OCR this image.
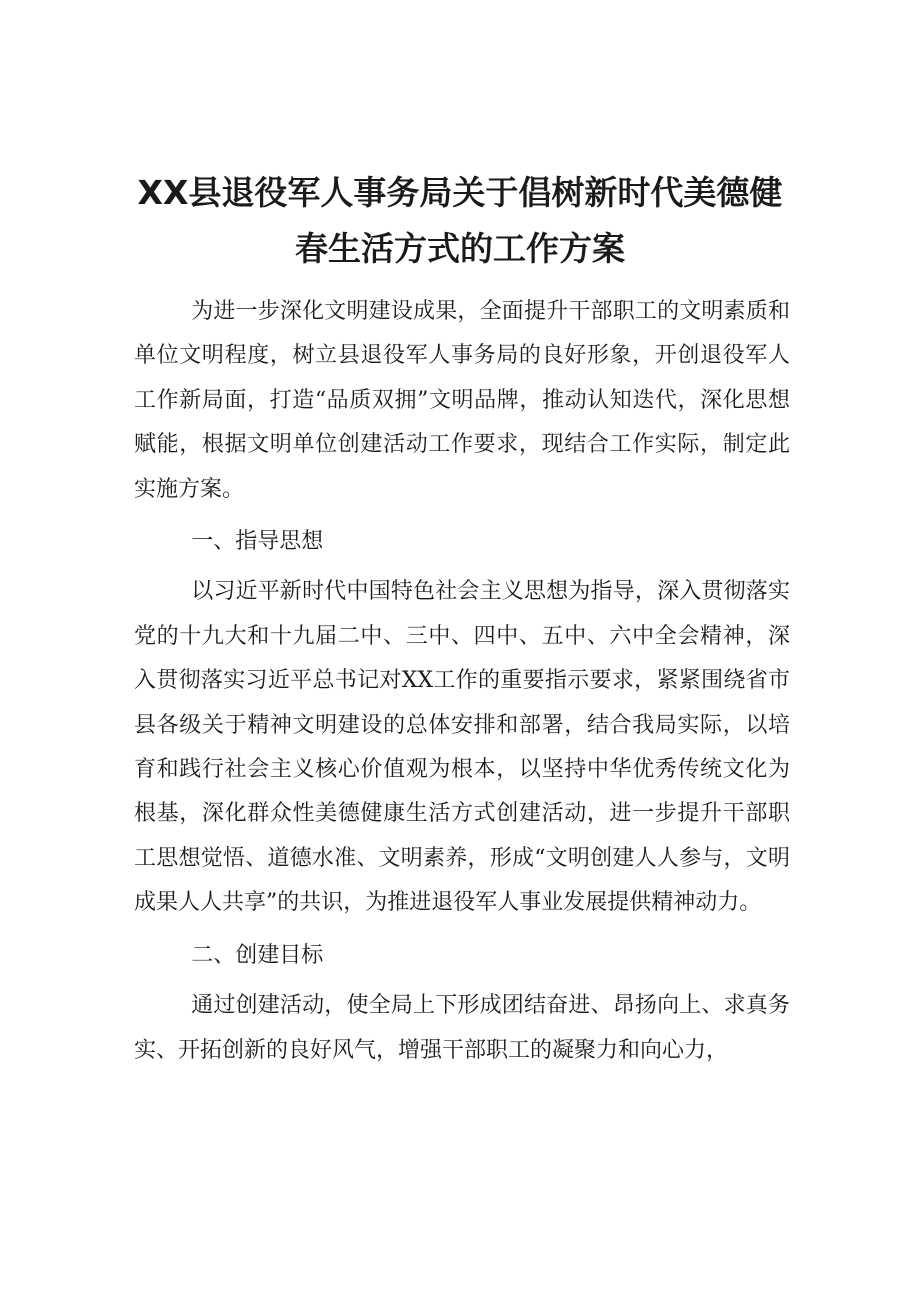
XX县退役军人事务局关于倡树新时代美德健
春生活方式的工作方案

为进一步深化文明建设成果，全面提升干部职工的文明素质和单位文明程度，树立县退役军人事务局的良好形象，开创退役军人工作新局面，打造“品质双拥”文明品牌，推动认知迭代，深化思想赋能，根据文明单位创建活动工作要求，现结合工作实际，制定此实施方案。

一、指导思想

以习近平新时代中国特色社会主义思想为指导，深入贯彻落实党的十九大和十九届二中、三中、四中、五中、六中全会精神，深入贯彻落实习近平总书记对XX工作的重要指示要求，紧紧围绕省市县各级关于精神文明建设的总体安排和部署，结合我局实际，以培育和践行社会主义核心价值观为根本，以坚持中华优秀传统文化为根基，深化群众性美德健康生活方式创建活动，进一步提升干部职工思想觉悟、道德水准、文明素养，形成“文明创建人人参与，文明成果人人共享”的共识，为推进退役军人事业发展提供精神动力。

二、创建目标

通过创建活动，使全局上下形成团结奋进、昂扬向上、求真务实、开拓创新的良好风气，增强干部职工的凝聚力和向心力，
